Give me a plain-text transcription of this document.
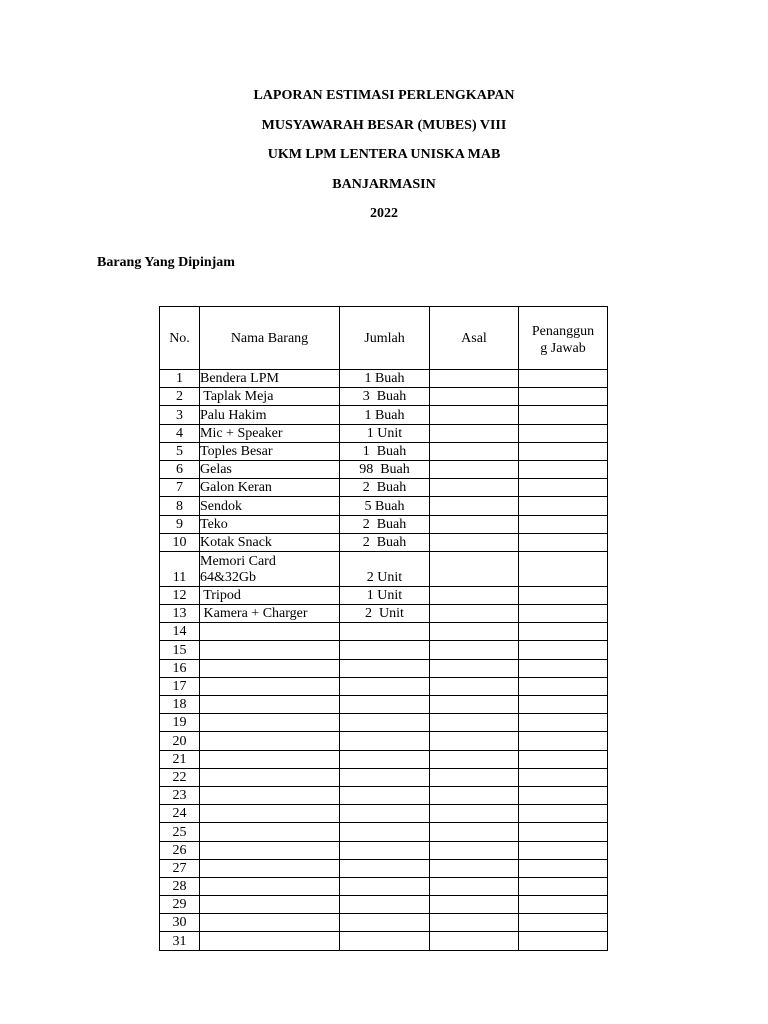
LAPORAN ESTIMASI PERLENGKAPAN
MUSYAWARAH BESAR (MUBES) VIII
UKM LPM LENTERA UNISKA MAB
BANJARMASIN
2022
Barang Yang Dipinjam
No.	Nama Barang	Jumlah	Asal	Penanggun
g Jawab

1	Bendera LPM	1 Buah		
2	Taplak Meja	3  Buah		
3	Palu Hakim	1 Buah		
4	Mic + Speaker	1 Unit		
5	Toples Besar	1  Buah		
6	Gelas	98  Buah		
7	Galon Keran	2  Buah		
8	Sendok	5 Buah		
9	Teko	2  Buah		
10	Kotak Snack	2  Buah		
11	Memori Card
64&32Gb	2 Unit		
12	Tripod	1 Unit		
13	Kamera + Charger	2  Unit		
14				
15				
16				
17				
18				
19				
20				
21				
22				
23				
24				
25				
26				
27				
28				
29				
30				
31				
